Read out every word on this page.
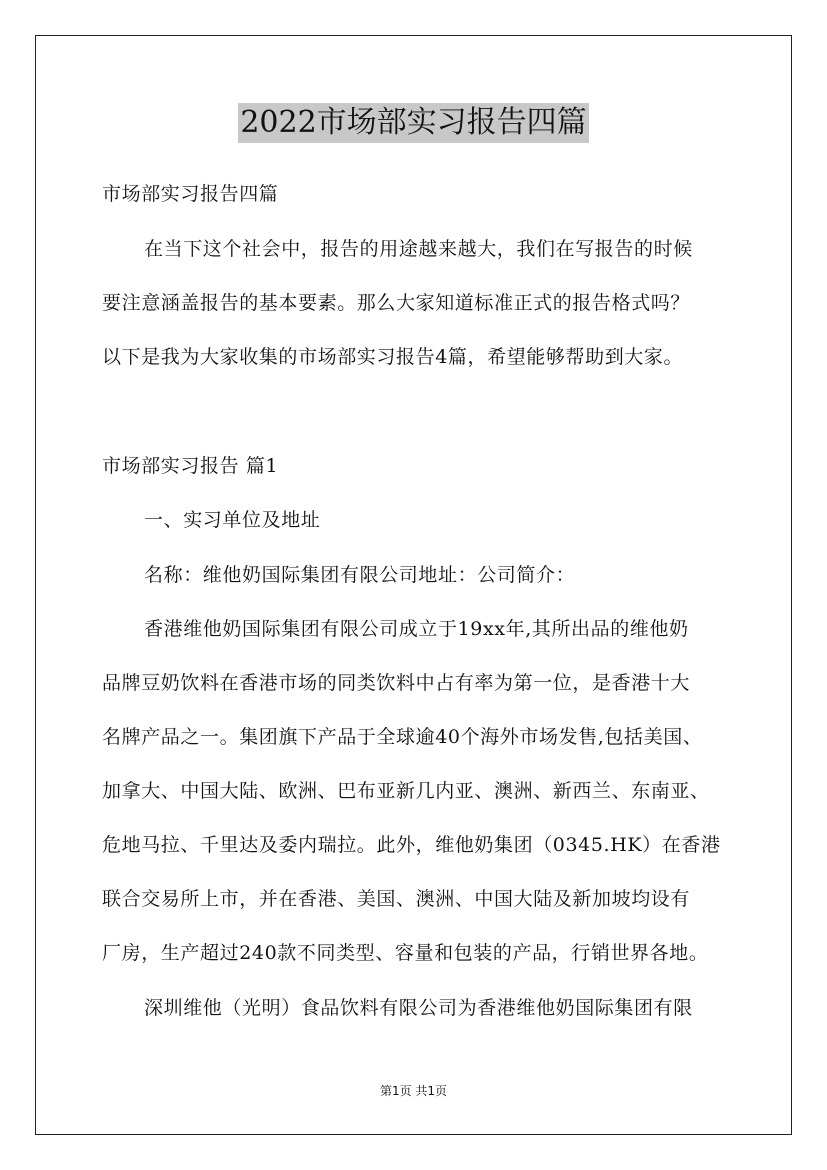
2022市场部实习报告四篇
市场部实习报告四篇
在当下这个社会中，报告的用途越来越大，我们在写报告的时候
要注意涵盖报告的基本要素。那么大家知道标准正式的报告格式吗？
以下是我为大家收集的市场部实习报告4篇，希望能够帮助到大家。
市场部实习报告 篇1
一、实习单位及地址
名称：维他奶国际集团有限公司地址：公司简介：
香港维他奶国际集团有限公司成立于19xx年,其所出品的维他奶
品牌豆奶饮料在香港市场的同类饮料中占有率为第一位，是香港十大
名牌产品之一。集团旗下产品于全球逾40个海外市场发售,包括美国、
加拿大、中国大陆、欧洲、巴布亚新几内亚、澳洲、新西兰、东南亚、
危地马拉、千里达及委内瑞拉。此外，维他奶集团（0345.HK）在香港
联合交易所上市，并在香港、美国、澳洲、中国大陆及新加坡均设有
厂房，生产超过240款不同类型、容量和包装的产品，行销世界各地。
深圳维他（光明）食品饮料有限公司为香港维他奶国际集团有限
第1页 共1页
